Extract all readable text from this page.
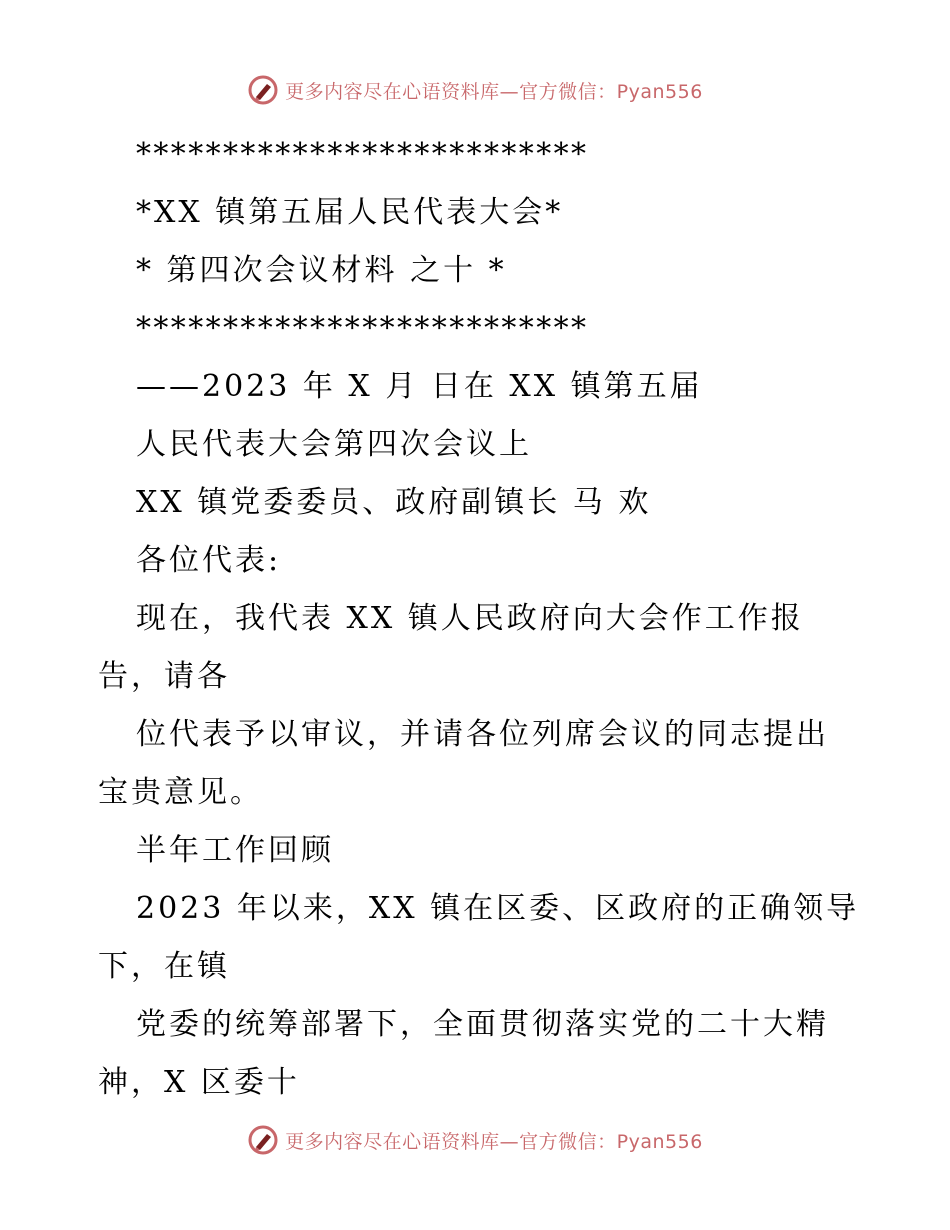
更多内容尽在心语资料库—官方微信：Pyan556
**************************
*XX 镇第五届人民代表大会*
* 第四次会议材料 之十 *
**************************
——2023 年 X 月 日在 XX 镇第五届
人民代表大会第四次会议上
XX 镇党委委员、政府副镇长 马 欢
各位代表:
现在，我代表 XX 镇人民政府向大会作工作报
告，请各
位代表予以审议，并请各位列席会议的同志提出
宝贵意见。
半年工作回顾
2023 年以来，XX 镇在区委、区政府的正确领导
下，在镇
党委的统筹部署下，全面贯彻落实党的二十大精
神，X 区委十
更多内容尽在心语资料库—官方微信：Pyan556
